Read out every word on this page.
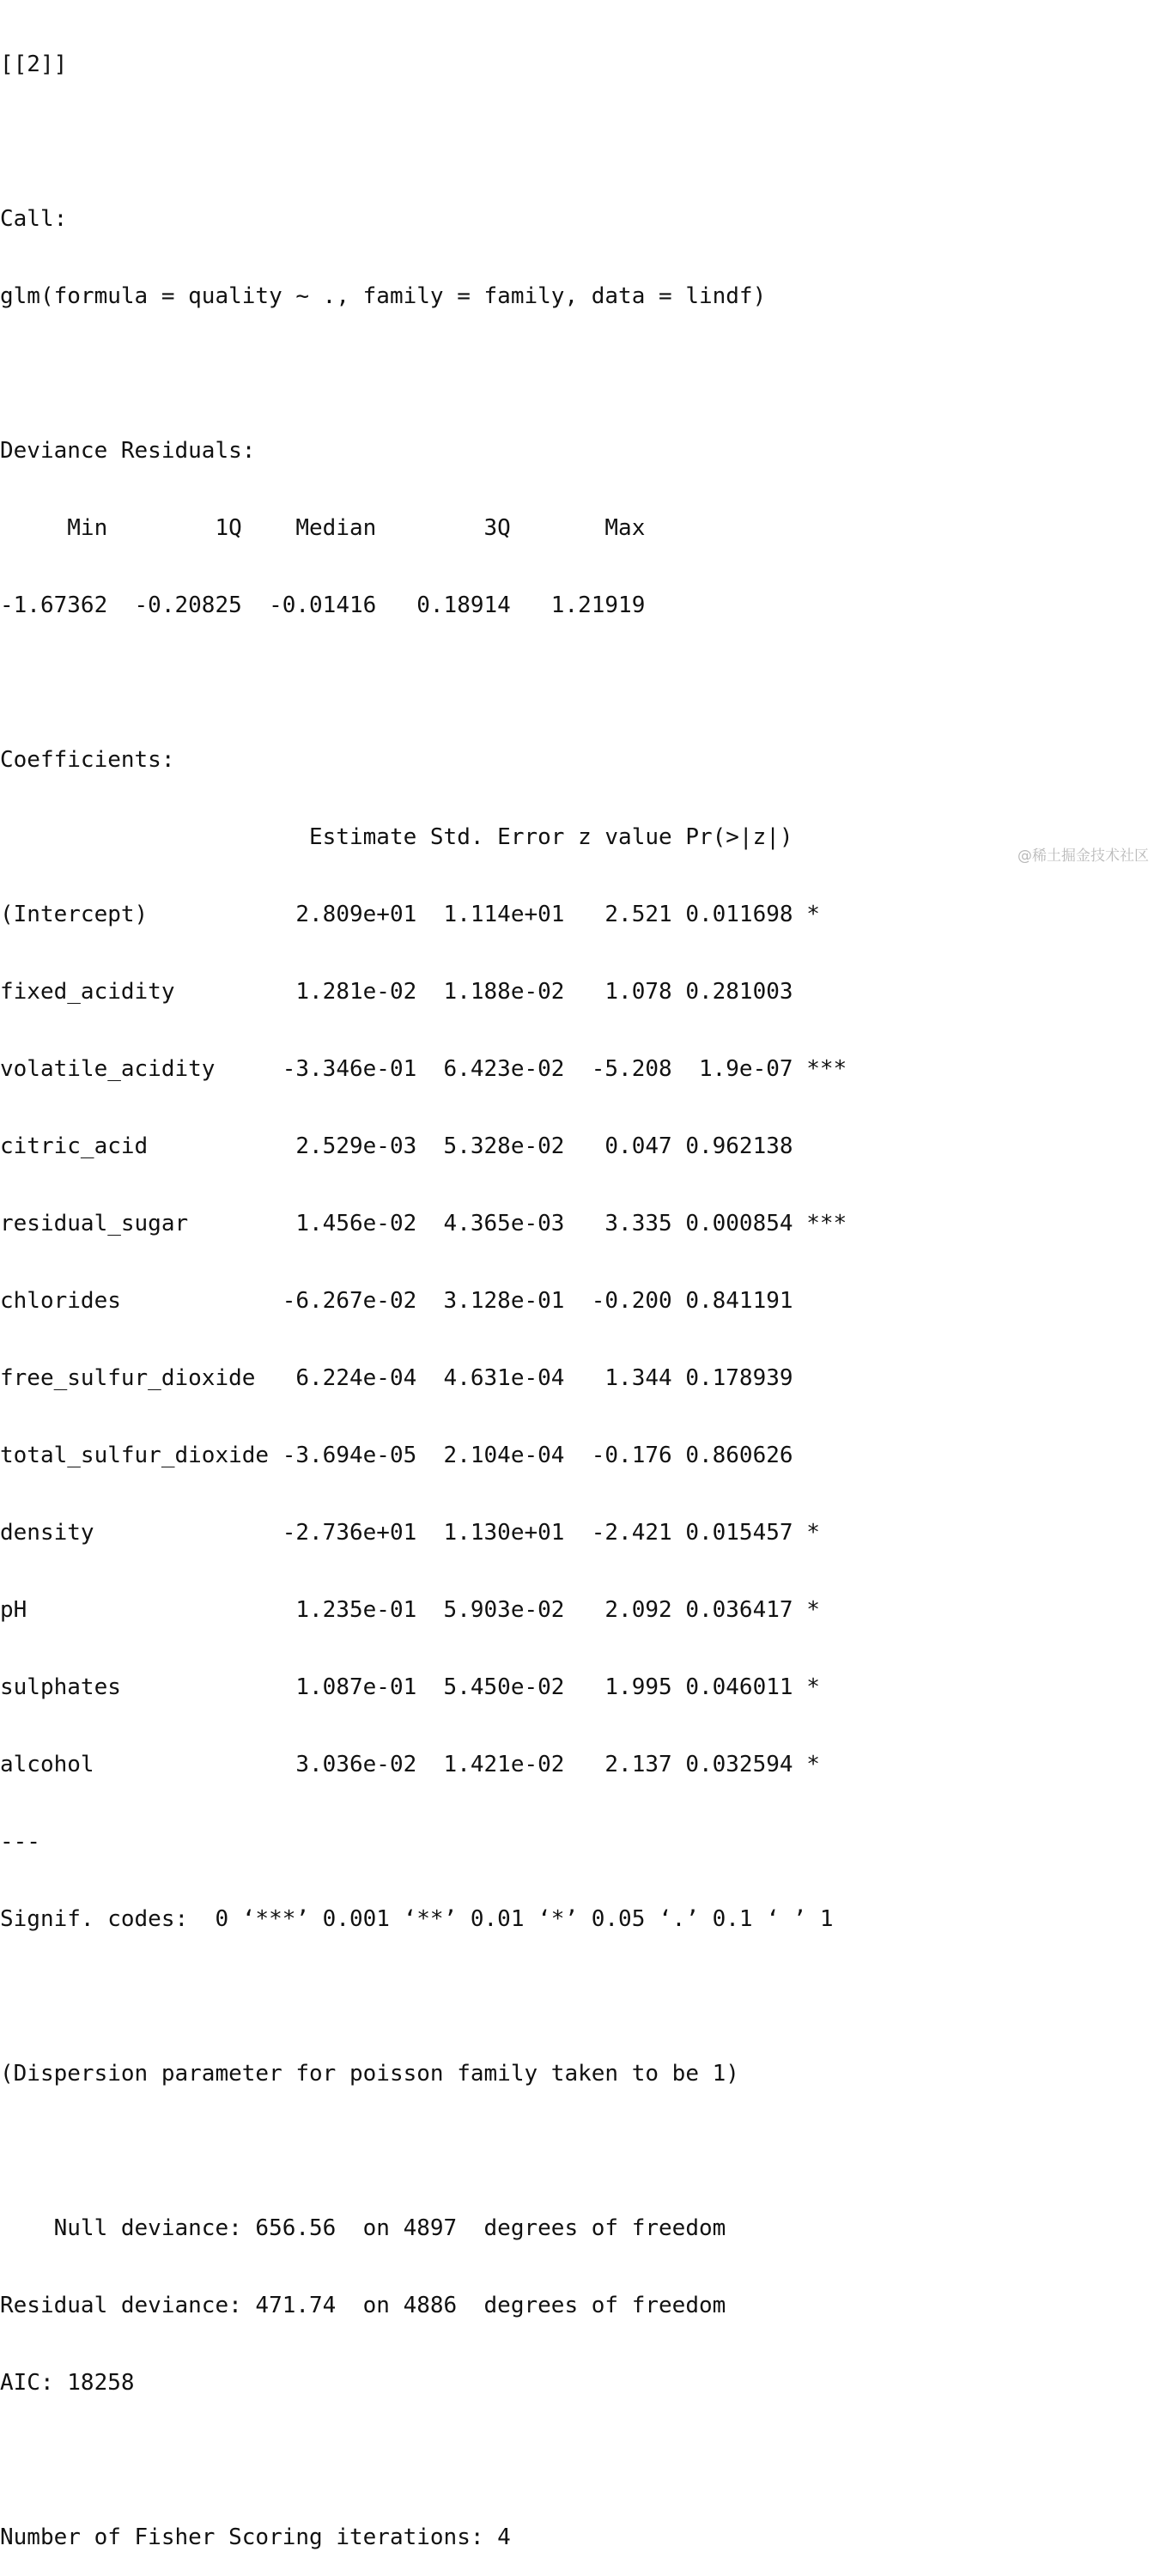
[[2]]

Call:

glm(formula = quality ~ ., family = family, data = lindf)

Deviance Residuals:

Min        1Q    Median        3Q       Max

-1.67362  -0.20825  -0.01416   0.18914   1.21919

Coefficients:

Estimate Std. Error z value Pr(>|z|)

(Intercept)           2.809e+01  1.114e+01   2.521 0.011698 *

fixed_acidity         1.281e-02  1.188e-02   1.078 0.281003

volatile_acidity     -3.346e-01  6.423e-02  -5.208  1.9e-07 ***

citric_acid           2.529e-03  5.328e-02   0.047 0.962138

residual_sugar        1.456e-02  4.365e-03   3.335 0.000854 ***

chlorides            -6.267e-02  3.128e-01  -0.200 0.841191

free_sulfur_dioxide   6.224e-04  4.631e-04   1.344 0.178939

total_sulfur_dioxide -3.694e-05  2.104e-04  -0.176 0.860626

density              -2.736e+01  1.130e+01  -2.421 0.015457 *

pH                    1.235e-01  5.903e-02   2.092 0.036417 *

sulphates             1.087e-01  5.450e-02   1.995 0.046011 *

alcohol               3.036e-02  1.421e-02   2.137 0.032594 *

---

Signif. codes:  0 ‘***’ 0.001 ‘**’ 0.01 ‘*’ 0.05 ‘.’ 0.1 ‘ ’ 1

(Dispersion parameter for poisson family taken to be 1)

Null deviance: 656.56  on 4897  degrees of freedom

Residual deviance: 471.74  on 4886  degrees of freedom

AIC: 18258

Number of Fisher Scoring iterations: 4

@稀土掘金技术社区
